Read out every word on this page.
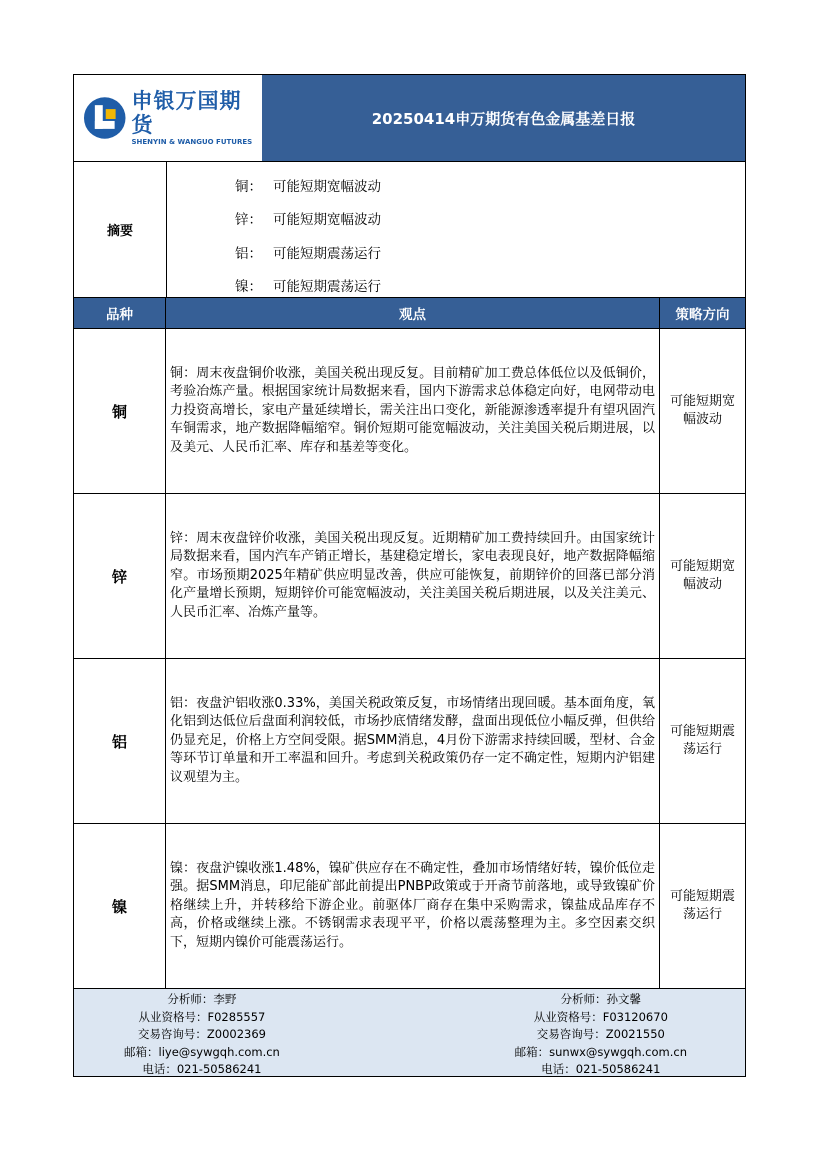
申银万国期货
SHENYIN & WANGUO FUTURES
20250414申万期货有色金属基差日报
摘要
铜： 可能短期宽幅波动
锌： 可能短期宽幅波动
铝： 可能短期震荡运行
镍： 可能短期震荡运行
品种	观点	策略方向
铜
铜：周末夜盘铜价收涨，美国关税出现反复。目前精矿加工费总体低位以及低铜价，考验冶炼产量。根据国家统计局数据来看，国内下游需求总体稳定向好，电网带动电力投资高增长，家电产量延续增长，需关注出口变化，新能源渗透率提升有望巩固汽车铜需求，地产数据降幅缩窄。铜价短期可能宽幅波动，关注美国关税后期进展，以及美元、人民币汇率、库存和基差等变化。
可能短期宽幅波动
锌
锌：周末夜盘锌价收涨，美国关税出现反复。近期精矿加工费持续回升。由国家统计局数据来看，国内汽车产销正增长，基建稳定增长，家电表现良好，地产数据降幅缩窄。市场预期2025年精矿供应明显改善，供应可能恢复，前期锌价的回落已部分消化产量增长预期，短期锌价可能宽幅波动，关注美国关税后期进展，以及关注美元、人民币汇率、冶炼产量等。
可能短期宽幅波动
铝
铝：夜盘沪铝收涨0.33%，美国关税政策反复，市场情绪出现回暖。基本面角度，氧化铝到达低位后盘面利润较低，市场抄底情绪发酵，盘面出现低位小幅反弹，但供给仍显充足，价格上方空间受限。据SMM消息，4月份下游需求持续回暖，型材、合金等环节订单量和开工率温和回升。考虑到关税政策仍存一定不确定性，短期内沪铝建议观望为主。
可能短期震荡运行
镍
镍：夜盘沪镍收涨1.48%，镍矿供应存在不确定性，叠加市场情绪好转，镍价低位走强。据SMM消息，印尼能矿部此前提出PNBP政策或于开斋节前落地，或导致镍矿价格继续上升，并转移给下游企业。前驱体厂商存在集中采购需求，镍盐成品库存不高，价格或继续上涨。不锈钢需求表现平平，价格以震荡整理为主。多空因素交织下，短期内镍价可能震荡运行。
可能短期震荡运行
分析师：李野
从业资格号：F0285557
交易咨询号：Z0002369
邮箱：liye@sywgqh.com.cn
电话：021-50586241
分析师：孙文馨
从业资格号：F03120670
交易咨询号：Z0021550
邮箱：sunwx@sywgqh.com.cn
电话：021-50586241
